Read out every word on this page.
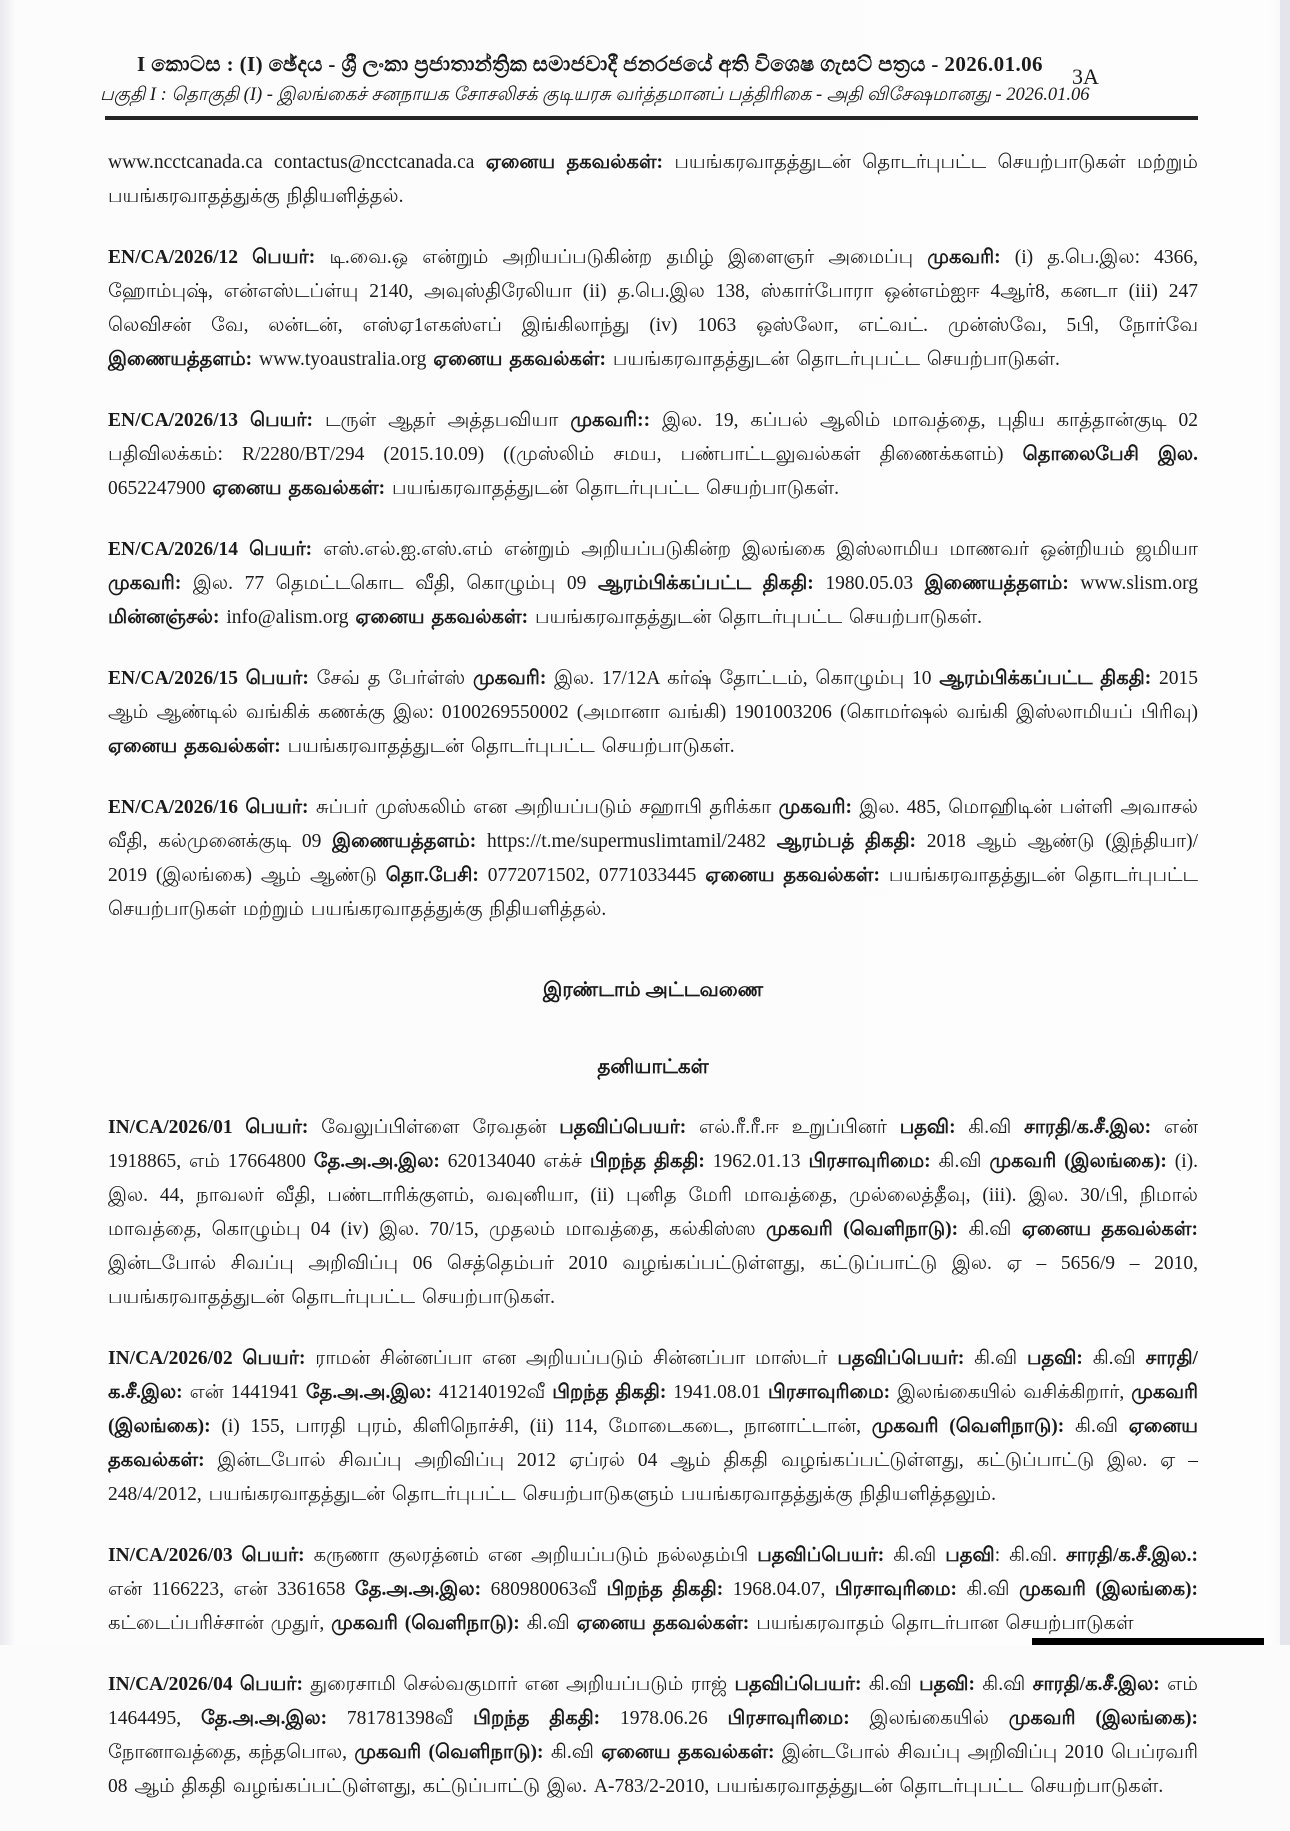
I කොටස : (I) ඡේදය - ශ්‍රී ලංකා ප්‍රජාතාන්ත්‍රික සමාජවාදී ජනරජයේ අති විශෙෂ ගැසට් පත්‍රය - 2026.01.06
பகுதி I : தொகுதி (I) - இலங்கைச் சனநாயக சோசலிசக் குடியரசு வர்த்தமானப் பத்திரிகை - அதி விசேஷமானது - 2026.01.06
3A

www.ncctcanada.ca contactus@ncctcanada.ca ஏனைய தகவல்கள்: பயங்கரவாதத்துடன் தொடர்புபட்ட செயற்பாடுகள் மற்றும் பயங்கரவாதத்துக்கு நிதியளித்தல்.

EN/CA/2026/12 பெயர்: டி.வை.ஒ என்றும் அறியப்படுகின்ற தமிழ் இளைஞர் அமைப்பு முகவரி: (i) த.பெ.இல: 4366, ஹோம்புஷ், என்எஸ்டப்ள்யு 2140, அவுஸ்திரேலியா (ii) த.பெ.இல 138, ஸ்கார்போரா ஒன்எம்ஐஈ 4ஆர்8, கனடா (iii) 247 லெவிசன் வே, லன்டன், எஸ்ஏ1எகஸ்எப் இங்கிலாந்து (iv) 1063 ஒஸ்லோ, எட்வட். முன்ஸ்வே, 5பி, நோர்வே இணையத்தளம்: www.tyoaustralia.org ஏனைய தகவல்கள்: பயங்கரவாதத்துடன் தொடர்புபட்ட செயற்பாடுகள்.

EN/CA/2026/13 பெயர்: டருள் ஆதர் அத்தபவியா முகவரி:: இல. 19, கப்பல் ஆலிம் மாவத்தை, புதிய காத்தான்குடி 02 பதிவிலக்கம்: R/2280/BT/294 (2015.10.09) ((முஸ்லிம் சமய, பண்பாட்டலுவல்கள் திணைக்களம்) தொலைபேசி இல. 0652247900 ஏனைய தகவல்கள்: பயங்கரவாதத்துடன் தொடர்புபட்ட செயற்பாடுகள்.

EN/CA/2026/14 பெயர்: எஸ்.எல்.ஐ.எஸ்.எம் என்றும் அறியப்படுகின்ற இலங்கை இஸ்லாமிய மாணவர் ஒன்றியம் ஜமியா முகவரி: இல. 77 தெமட்டகொட வீதி, கொழும்பு 09 ஆரம்பிக்கப்பட்ட திகதி: 1980.05.03 இணையத்தளம்: www.slism.org மின்னஞ்சல்: info@alism.org ஏனைய தகவல்கள்: பயங்கரவாதத்துடன் தொடர்புபட்ட செயற்பாடுகள்.

EN/CA/2026/15 பெயர்: சேவ் த பேர்ள்ஸ் முகவரி: இல. 17/12A கர்ஷ் தோட்டம், கொழும்பு 10 ஆரம்பிக்கப்பட்ட திகதி: 2015 ஆம் ஆண்டில் வங்கிக் கணக்கு இல: 0100269550002 (அமானா வங்கி) 1901003206 (கொமர்ஷல் வங்கி இஸ்லாமியப் பிரிவு) ஏனைய தகவல்கள்: பயங்கரவாதத்துடன் தொடர்புபட்ட செயற்பாடுகள்.

EN/CA/2026/16 பெயர்: சுப்பர் முஸ்கலிம் என அறியப்படும் சஹாபி தரிக்கா முகவரி: இல. 485, மொஹிடின் பள்ளி அவாசல் வீதி, கல்முனைக்குடி 09 இணையத்தளம்: https://t.me/supermuslimtamil/2482 ஆரம்பத் திகதி: 2018 ஆம் ஆண்டு (இந்தியா)/ 2019 (இலங்கை) ஆம் ஆண்டு தொ.பேசி: 0772071502, 0771033445 ஏனைய தகவல்கள்: பயங்கரவாதத்துடன் தொடர்புபட்ட செயற்பாடுகள் மற்றும் பயங்கரவாதத்துக்கு நிதியளித்தல்.

இரண்டாம் அட்டவணை

தனியாட்கள்

IN/CA/2026/01 பெயர்: வேலுப்பிள்ளை ரேவதன் பதவிப்பெயர்: எல்.ரீ.ரீ.ஈ உறுப்பினர் பதவி: கி.வி சாரதி/க.சீ.இல: என் 1918865, எம் 17664800 தே.அ.அ.இல: 620134040 எக்ச் பிறந்த திகதி: 1962.01.13 பிரசாவுரிமை: கி.வி முகவரி (இலங்கை): (i). இல. 44, நாவலர் வீதி, பண்டாரிக்குளம், வவுனியா, (ii) புனித மேரி மாவத்தை, முல்லைத்தீவு, (iii). இல. 30/பி, நிமால் மாவத்தை, கொழும்பு 04 (iv) இல. 70/15, முதலம் மாவத்தை, கல்கிஸ்ஸ முகவரி (வெளிநாடு): கி.வி ஏனைய தகவல்கள்: இன்டபோல் சிவப்பு அறிவிப்பு 06 செத்தெம்பர் 2010 வழங்கப்பட்டுள்ளது, கட்டுப்பாட்டு இல. ஏ – 5656/9 – 2010, பயங்கரவாதத்துடன் தொடர்புபட்ட செயற்பாடுகள்.

IN/CA/2026/02 பெயர்: ராமன் சின்னப்பா என அறியப்படும் சின்னப்பா மாஸ்டர் பதவிப்பெயர்: கி.வி பதவி: கி.வி சாரதி/க.சீ.இல: என் 1441941 தே.அ.அ.இல: 412140192வீ பிறந்த திகதி: 1941.08.01 பிரசாவுரிமை: இலங்கையில் வசிக்கிறார், முகவரி (இலங்கை): (i) 155, பாரதி புரம், கிளிநொச்சி, (ii) 114, மோடைகடை, நானாட்டான், முகவரி (வெளிநாடு): கி.வி ஏனைய தகவல்கள்: இன்டபோல் சிவப்பு அறிவிப்பு 2012 ஏப்ரல் 04 ஆம் திகதி வழங்கப்பட்டுள்ளது, கட்டுப்பாட்டு இல. ஏ – 248/4/2012, பயங்கரவாதத்துடன் தொடர்புபட்ட செயற்பாடுகளும் பயங்கரவாதத்துக்கு நிதியளித்தலும்.

IN/CA/2026/03 பெயர்: கருணா குலரத்னம் என அறியப்படும் நல்லதம்பி பதவிப்பெயர்: கி.வி பதவி: கி.வி. சாரதி/க.சீ.இல.: என் 1166223, என் 3361658 தே.அ.அ.இல: 680980063வீ பிறந்த திகதி: 1968.04.07, பிரசாவுரிமை: கி.வி முகவரி (இலங்கை): கட்டைப்பரிச்சான் முதுர், முகவரி (வெளிநாடு): கி.வி ஏனைய தகவல்கள்: பயங்கரவாதம் தொடர்பான செயற்பாடுகள்

IN/CA/2026/04 பெயர்: துரைசாமி செல்வகுமார் என அறியப்படும் ராஜ் பதவிப்பெயர்: கி.வி பதவி: கி.வி சாரதி/க.சீ.இல: எம் 1464495, தே.அ.அ.இல: 781781398வீ பிறந்த திகதி: 1978.06.26 பிரசாவுரிமை: இலங்கையில் முகவரி (இலங்கை): நோனாவத்தை, கந்தபொல, முகவரி (வெளிநாடு): கி.வி ஏனைய தகவல்கள்: இன்டபோல் சிவப்பு அறிவிப்பு 2010 பெப்ரவரி 08 ஆம் திகதி வழங்கப்பட்டுள்ளது, கட்டுப்பாட்டு இல. A-783/2-2010, பயங்கரவாதத்துடன் தொடர்புபட்ட செயற்பாடுகள்.
